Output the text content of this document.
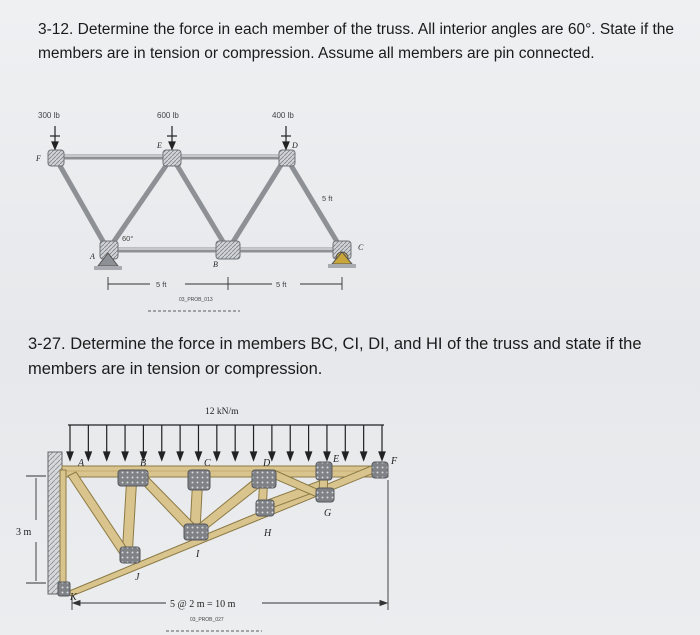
3-12. Determine the force in each member of the truss. All interior angles are 60°. State if the members are in tension or compression. Assume all members are pin connected.

300 lb	600 lb	400 lb
F
E	D
A
B
C
60°
5 ft
5 ft	5 ft
03_PROB_013

3-27. Determine the force in members BC, CI, DI, and HI of the truss and state if the members are in tension or compression.

12 kN/m
A	B	C	D	E	F
G
H
I
J
K
3 m
5 @ 2 m = 10 m
03_PROB_027
